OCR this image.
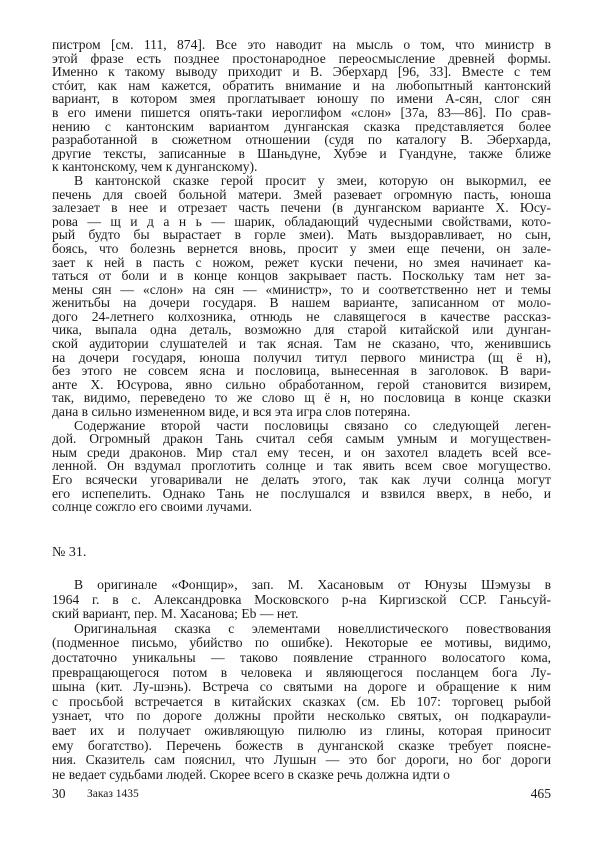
пистром [см. 111, 874]. Все это наводит на мысль о том, что министр в
этой фразе есть позднее простонародное переосмысление древней формы.
Именно к такому выводу приходит и В. Эберхард [96, 33]. Вместе с тем
стóит, как нам кажется, обратить внимание и на любопытный кантонский
вариант, в котором змея проглатывает юношу по имени А-сян, слог сян
в его имени пишется опять-таки иероглифом «слон» [37а, 83—86]. По срав-
нению с кантонским вариантом дунганская сказка представляется более
разработанной в сюжетном отношении (судя по каталогу В. Эберхарда,
другие тексты, записанные в Шаньдуне, Хубэе и Гуандуне, также ближе
к кантонскому, чем к дунганскому).
В кантонской сказке герой просит у змеи, которую он выкормил, ее
печень для своей больной матери. Змей разевает огромную пасть, юноша
залезает в нее и отрезает часть печени (в дунганском варианте Х. Юсу-
рова — щ и д а н ь — шарик, обладающий чудесными свойствами, кото-
рый будто бы вырастает в горле змеи). Мать выздоравливает, но сын,
боясь, что болезнь вернется вновь, просит у змеи еще печени, он зале-
зает к ней в пасть с ножом, режет куски печени, но змея начинает ка-
таться от боли и в конце концов закрывает пасть. Поскольку там нет за-
мены сян — «слон» на сян — «министр», то и соответственно нет и темы
женитьбы на дочери государя. В нашем варианте, записанном от моло-
дого 24-летнего колхозника, отнюдь не славящегося в качестве рассказ-
чика, выпала одна деталь, возможно для старой китайской или дунган-
ской аудитории слушателей и так ясная. Там не сказано, что, женившись
на дочери государя, юноша получил титул первого министра (щ ё н),
без этого не совсем ясна и пословица, вынесенная в заголовок. В вари-
анте Х. Юсурова, явно сильно обработанном, герой становится визирем,
так, видимо, переведено то же слово щ ё н, но пословица в конце сказки
дана в сильно измененном виде, и вся эта игра слов потеряна.
Содержание второй части пословицы связано со следующей леген-
дой. Огромный дракон Тань считал себя самым умным и могуществен-
ным среди драконов. Мир стал ему тесен, и он захотел владеть всей все-
ленной. Он вздумал проглотить солнце и так явить всем свое могущество.
Его всячески уговаривали не делать этого, так как лучи солнца могут
его испепелить. Однако Тань не послушался и взвился вверх, в небо, и
солнце сожгло его своими лучами.
№ 31.
В оригинале «Фонщир», зап. М. Хасановым от Юнузы Шэмузы в
1964 г. в с. Александровка Московского р-на Киргизской ССР. Ганьсуй-
ский вариант, пер. М. Хасанова; Eb — нет.
Оригинальная сказка с элементами новеллистического повествования
(подменное письмо, убийство по ошибке). Некоторые ее мотивы, видимо,
достаточно уникальны — таково появление странного волосатого кома,
превращающегося потом в человека и являющегося посланцем бога Лу-
шына (кит. Лу-шэнь). Встреча со святыми на дороге и обращение к ним
с просьбой встречается в китайских сказках (см. Eb 107: торговец рыбой
узнает, что по дороге должны пройти несколько святых, он подкараули-
вает их и получает оживляющую пилюлю из глины, которая приносит
ему богатство). Перечень божеств в дунганской сказке требует поясне-
ния. Сказитель сам пояснил, что Лушын — это бог дороги, но бог дороги
не ведает судьбами людей. Скорее всего в сказке речь должна идти о
30 Заказ 1435	465
